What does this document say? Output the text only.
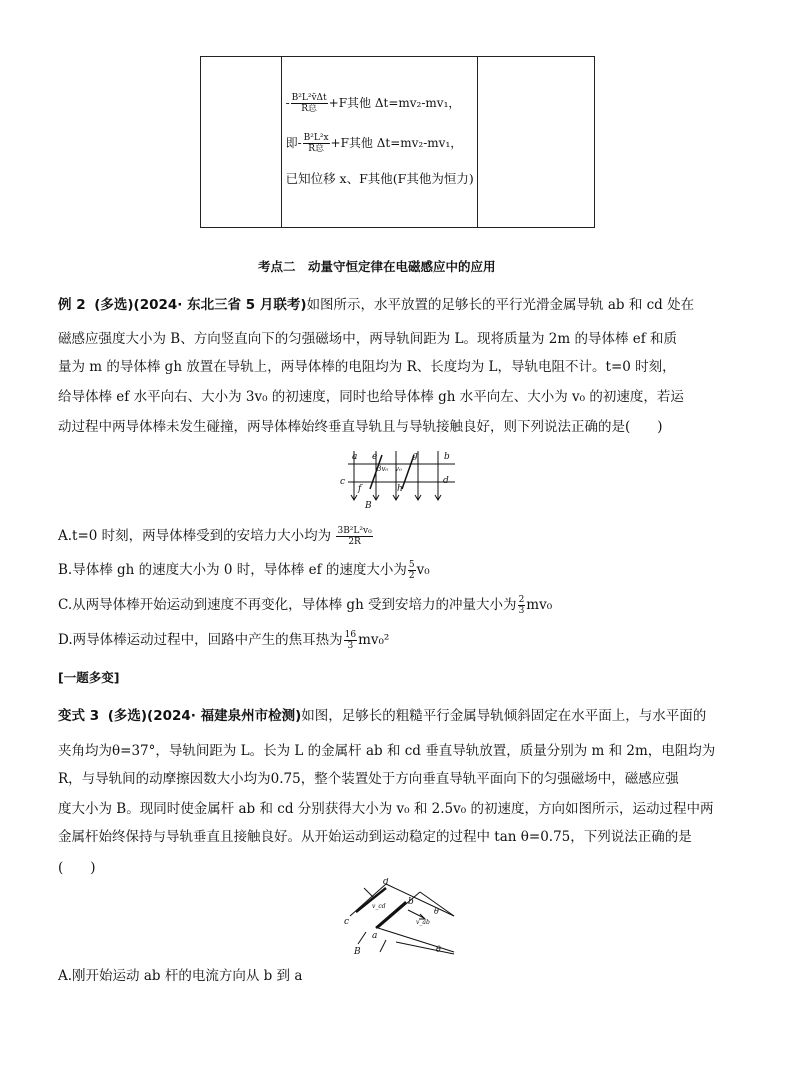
- $\frac{\text{B²L²v̄Δt}}{\text{R总}} +F$其他 Δt=mv₂-mv₁，
即- $\frac{\text{B²L²x}}{\text{R总}} +F$其他 Δt=mv₂-mv₁，
已知位移 x、F其他(F其他为恒力)

考点二　动量守恒定律在电磁感应中的应用
例 2 (多选)(2024· 东北三省 5 月联考)如图所示，水平放置的足够长的平行光滑金属导轨 ab 和 cd 处在
磁感应强度大小为 B、方向竖直向下的匀强磁场中，两导轨间距为 L。现将质量为 2m 的导体棒 ef 和质
量为 m 的导体棒 gh 放置在导轨上，两导体棒的电阻均为 R、长度均为 L，导轨电阻不计。t=0 时刻，
给导体棒 ef 水平向右、大小为 3v₀ 的初速度，同时也给导体棒 gh 水平向左、大小为 v₀ 的初速度，若运
动过程中两导体棒未发生碰撞，两导体棒始终垂直导轨且与导轨接触良好，则下列说法正确的是(　　)
a e	g	b
c
f	h
d
B
3v₀ v₀
A.t=0 时刻，两导体棒受到的安培力大小均为 $\frac{\text{3B²L²v₀}}{2R}$
B.导体棒 gh 的速度大小为 0 时，导体棒 ef 的速度大小为 $\frac{5}{2} v_0$
C.从两导体棒开始运动到速度不再变化，导体棒 gh 受到安培力的冲量大小为 $\frac{2}{3} mv_0$
D.两导体棒运动过程中，回路中产生的焦耳热为 $\frac{16}{3} mv_0^2$
[一题多变]
变式 3 (多选)(2024· 福建泉州市检测)如图，足够长的粗糙平行金属导轨倾斜固定在水平面上，与水平面的
夹角均为θ=37°，导轨间距为 L。长为 L 的金属杆 ab 和 cd 垂直导轨放置，质量分别为 m 和 2m，电阻均为
R，与导轨间的动摩擦因数大小均为0.75，整个装置处于方向垂直导轨平面向下的匀强磁场中，磁感应强
度大小为 B。现同时使金属杆 ab 和 cd 分别获得大小为 v₀ 和 2.5v₀ 的初速度，方向如图所示，运动过程中两
金属杆始终保持与导轨垂直且接触良好。从开始运动到运动稳定的过程中 tan θ=0.75，下列说法正确的是
(　　)
d
b
c
a
B
v_cd
v_ab
θ
θ
A.刚开始运动 ab 杆的电流方向从 b 到 a
